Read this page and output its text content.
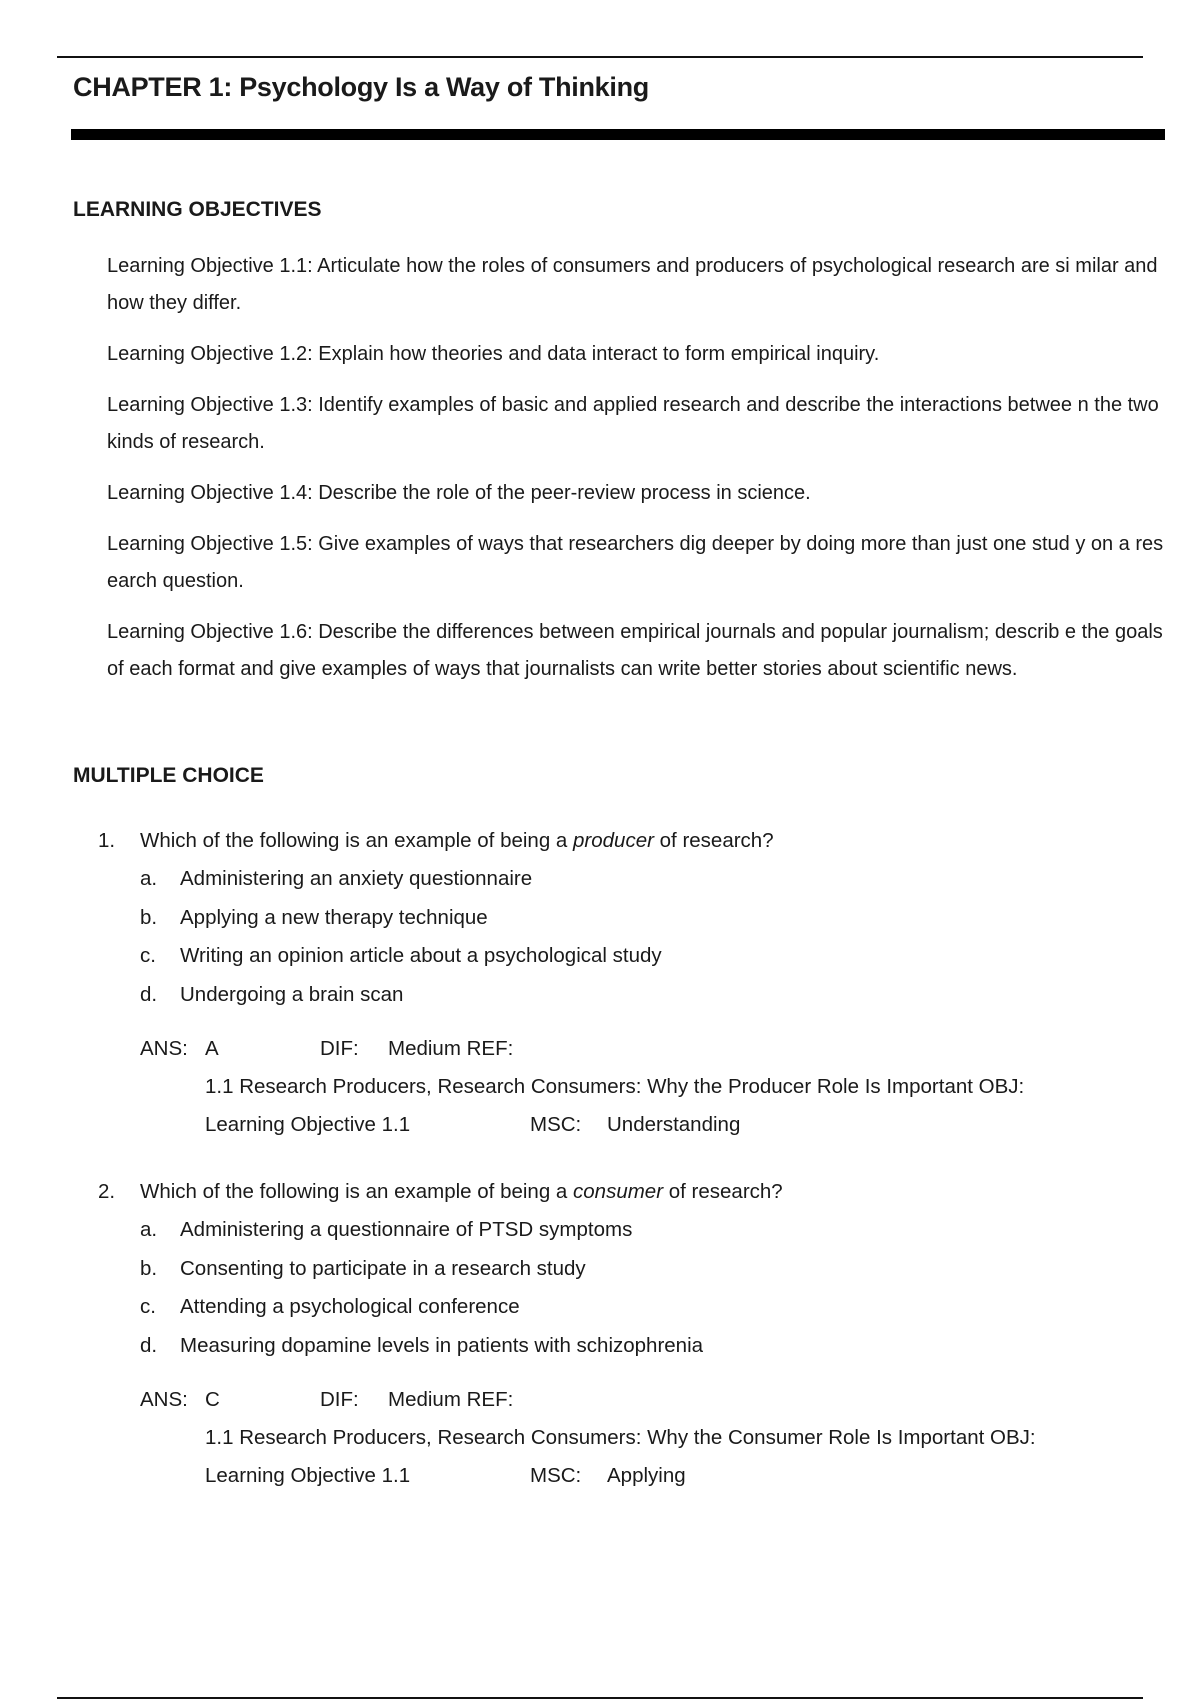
CHAPTER 1: Psychology Is a Way of Thinking
LEARNING OBJECTIVES
Learning Objective 1.1: Articulate how the roles of consumers and producers of psychological research are si milar and how they differ.
Learning Objective 1.2: Explain how theories and data interact to form empirical inquiry.
Learning Objective 1.3: Identify examples of basic and applied research and describe the interactions betwee n the two kinds of research.
Learning Objective 1.4: Describe the role of the peer-review process in science.
Learning Objective 1.5: Give examples of ways that researchers dig deeper by doing more than just one stud y on a research question.
Learning Objective 1.6: Describe the differences between empirical journals and popular journalism; describ e the goals of each format and give examples of ways that journalists can write better stories about scientific news.
MULTIPLE CHOICE
1.	Which of the following is an example of being a producer of research?
a.	Administering an anxiety questionnaire
b.	Applying a new therapy technique
c.	Writing an opinion article about a psychological study
d.	Undergoing a brain scan
ANS: A	DIF:	Medium REF:
1.1 Research Producers, Research Consumers: Why the Producer Role Is Important OBJ:
Learning Objective 1.1	MSC:	Understanding
2.	Which of the following is an example of being a consumer of research?
a.	Administering a questionnaire of PTSD symptoms
b.	Consenting to participate in a research study
c.	Attending a psychological conference
d.	Measuring dopamine levels in patients with schizophrenia
ANS: C	DIF:	Medium REF:
1.1 Research Producers, Research Consumers: Why the Consumer Role Is Important OBJ:
Learning Objective 1.1	MSC:	Applying
